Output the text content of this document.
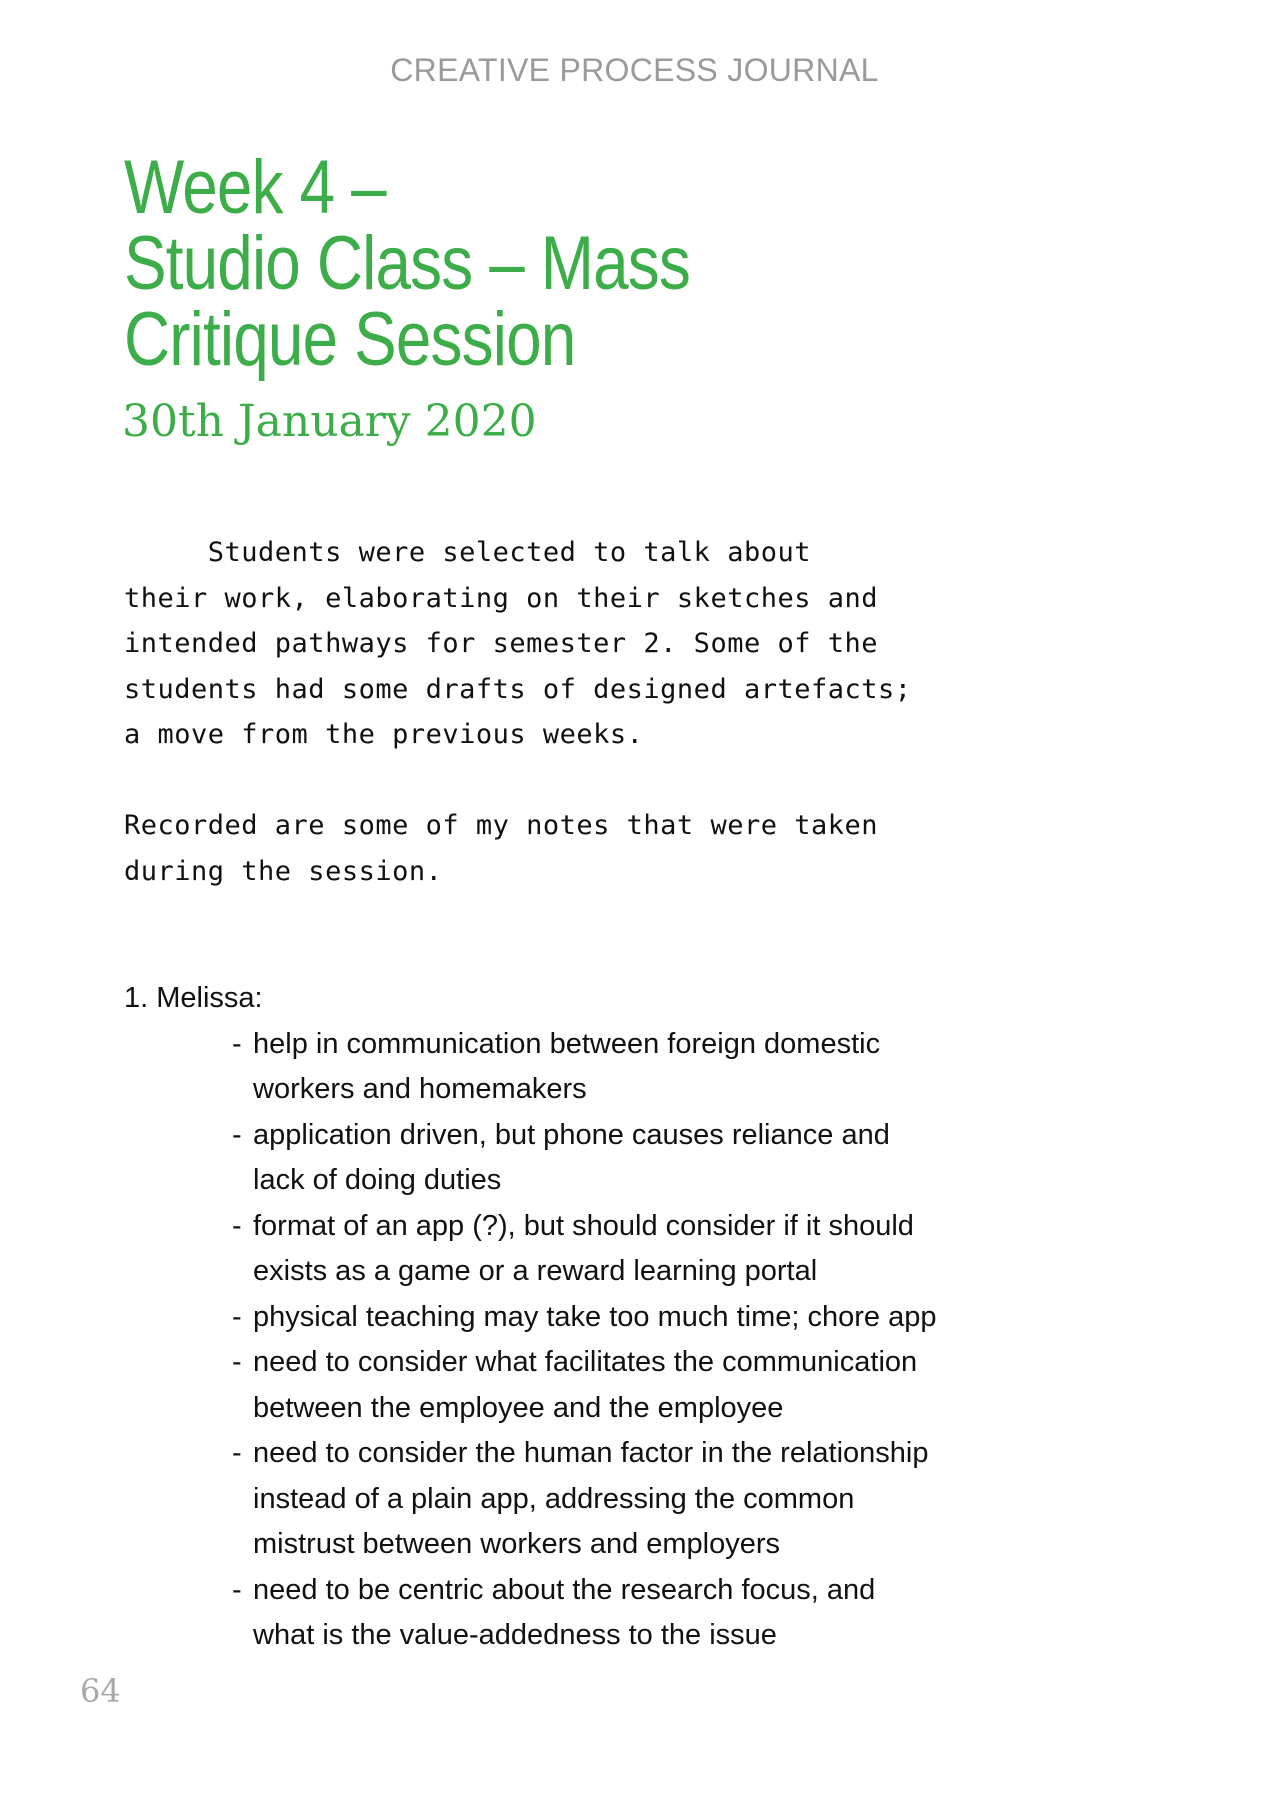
CREATIVE PROCESS JOURNAL
Week 4 –
Studio Class – Mass
Critique Session
30th January 2020

Students were selected to talk about

their work, elaborating on their sketches and

intended pathways for semester 2. Some of the

students had some drafts of designed artefacts;

a move from the previous weeks.

Recorded are some of my notes that were taken

during the session.

1. Melissa:
- help in communication between foreign domestic
workers and homemakers
- application driven, but phone causes reliance and
lack of doing duties
- format of an app (?), but should consider if it should
exists as a game or a reward learning portal
- physical teaching may take too much time; chore app
- need to consider what facilitates the communication
between the employee and the employee
- need to consider the human factor in the relationship
instead of a plain app, addressing the common
mistrust between workers and employers
- need to be centric about the research focus, and
what is the value-addedness to the issue
64
